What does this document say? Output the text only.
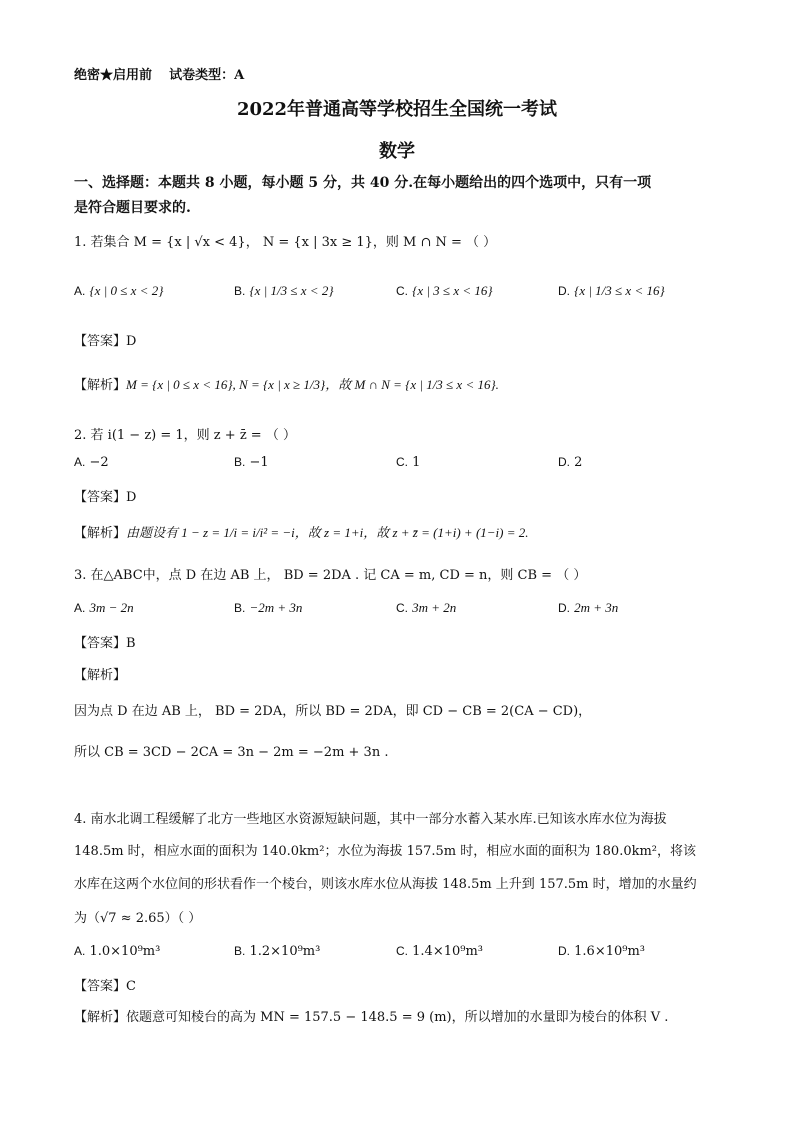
绝密★启用前 试卷类型：A
2022年普通高等学校招生全国统一考试
数学
一、选择题：本题共 8 小题，每小题 5 分，共 40 分.在每小题给出的四个选项中，只有一项
是符合题目要求的.
1. 若集合 M = {x | √x < 4}， N = {x | 3x ≥ 1}，则 M ∩ N = （ ）
A. {x | 0 ≤ x < 2}	B. {x | 1/3 ≤ x < 2}	C. {x | 3 ≤ x < 16}	D. {x | 1/3 ≤ x < 16}
【答案】D
【解析】M = {x | 0 ≤ x < 16}, N = {x | x ≥ 1/3}，故 M ∩ N = {x | 1/3 ≤ x < 16}.
2. 若 i(1 − z) = 1，则 z + z̄ = （ ）
A. −2	B. −1	C. 1	D. 2
【答案】D
【解析】由题设有 1 − z = 1/i = i/i² = −i，故 z = 1+i，故 z + z̄ = (1+i) + (1−i) = 2.
3. 在△ABC中，点 D 在边 AB 上， BD = 2DA . 记 CA = m, CD = n，则 CB = （ ）
A. 3m − 2n	B. −2m + 3n	C. 3m + 2n	D. 2m + 3n
【答案】B
【解析】
因为点 D 在边 AB 上， BD = 2DA，所以 BD = 2DA，即 CD − CB = 2(CA − CD)，
所以 CB = 3CD − 2CA = 3n − 2m = −2m + 3n .
4. 南水北调工程缓解了北方一些地区水资源短缺问题，其中一部分水蓄入某水库.已知该水库水位为海拔
148.5m 时，相应水面的面积为 140.0km²；水位为海拔 157.5m 时，相应水面的面积为 180.0km²，将该
水库在这两个水位间的形状看作一个棱台，则该水库水位从海拔 148.5m 上升到 157.5m 时，增加的水量约
为（√7 ≈ 2.65）（ ）
A. 1.0×10⁹m³	B. 1.2×10⁹m³	C. 1.4×10⁹m³	D. 1.6×10⁹m³
【答案】C
【解析】依题意可知棱台的高为 MN = 157.5 − 148.5 = 9 (m)，所以增加的水量即为棱台的体积 V .
